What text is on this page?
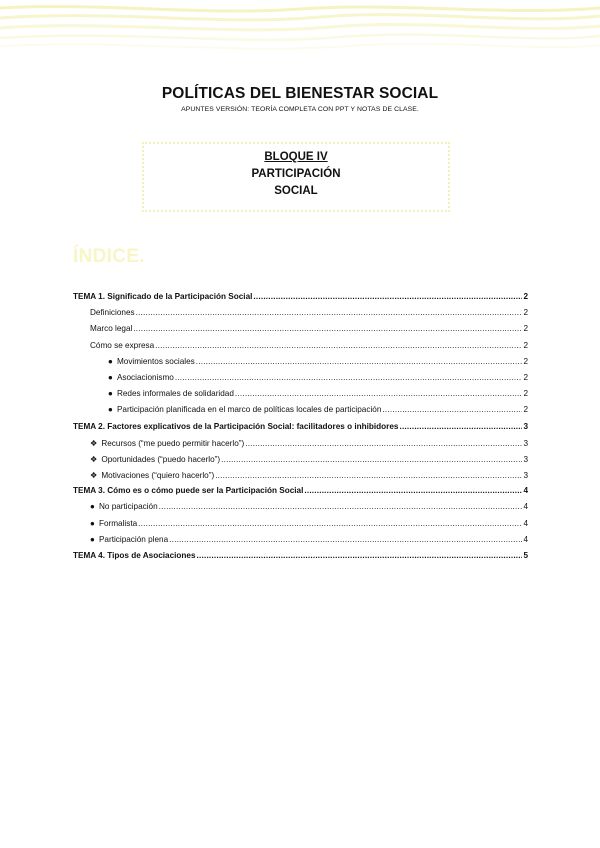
POLÍTICAS DEL BIENESTAR SOCIAL
APUNTES VERSIÓN: TEORÍA COMPLETA CON PPT Y NOTAS DE CLASE.
BLOQUE IV
PARTICIPACIÓN
SOCIAL
ÍNDICE.
TEMA 1. Significado de la Participación Social .....	2
Definiciones .....	2
Marco legal .....	2
Cómo se expresa .....	2
● Movimientos sociales .....	2
● Asociacionismo .....	2
● Redes informales de solidaridad .....	2
● Participación planificada en el marco de políticas locales de participación .....	2
TEMA 2. Factores explicativos de la Participación Social: facilitadores o inhibidores .....	3
❖ Recursos (“me puedo permitir hacerlo”) .....	3
❖ Oportunidades (“puedo hacerlo”) .....	3
❖ Motivaciones (“quiero hacerlo”) .....	3
TEMA 3. Cómo es o cómo puede ser la Participación Social .....	4
● No participación .....	4
● Formalista .....	4
● Participación plena .....	4
TEMA 4. Tipos de Asociaciones .....	5
